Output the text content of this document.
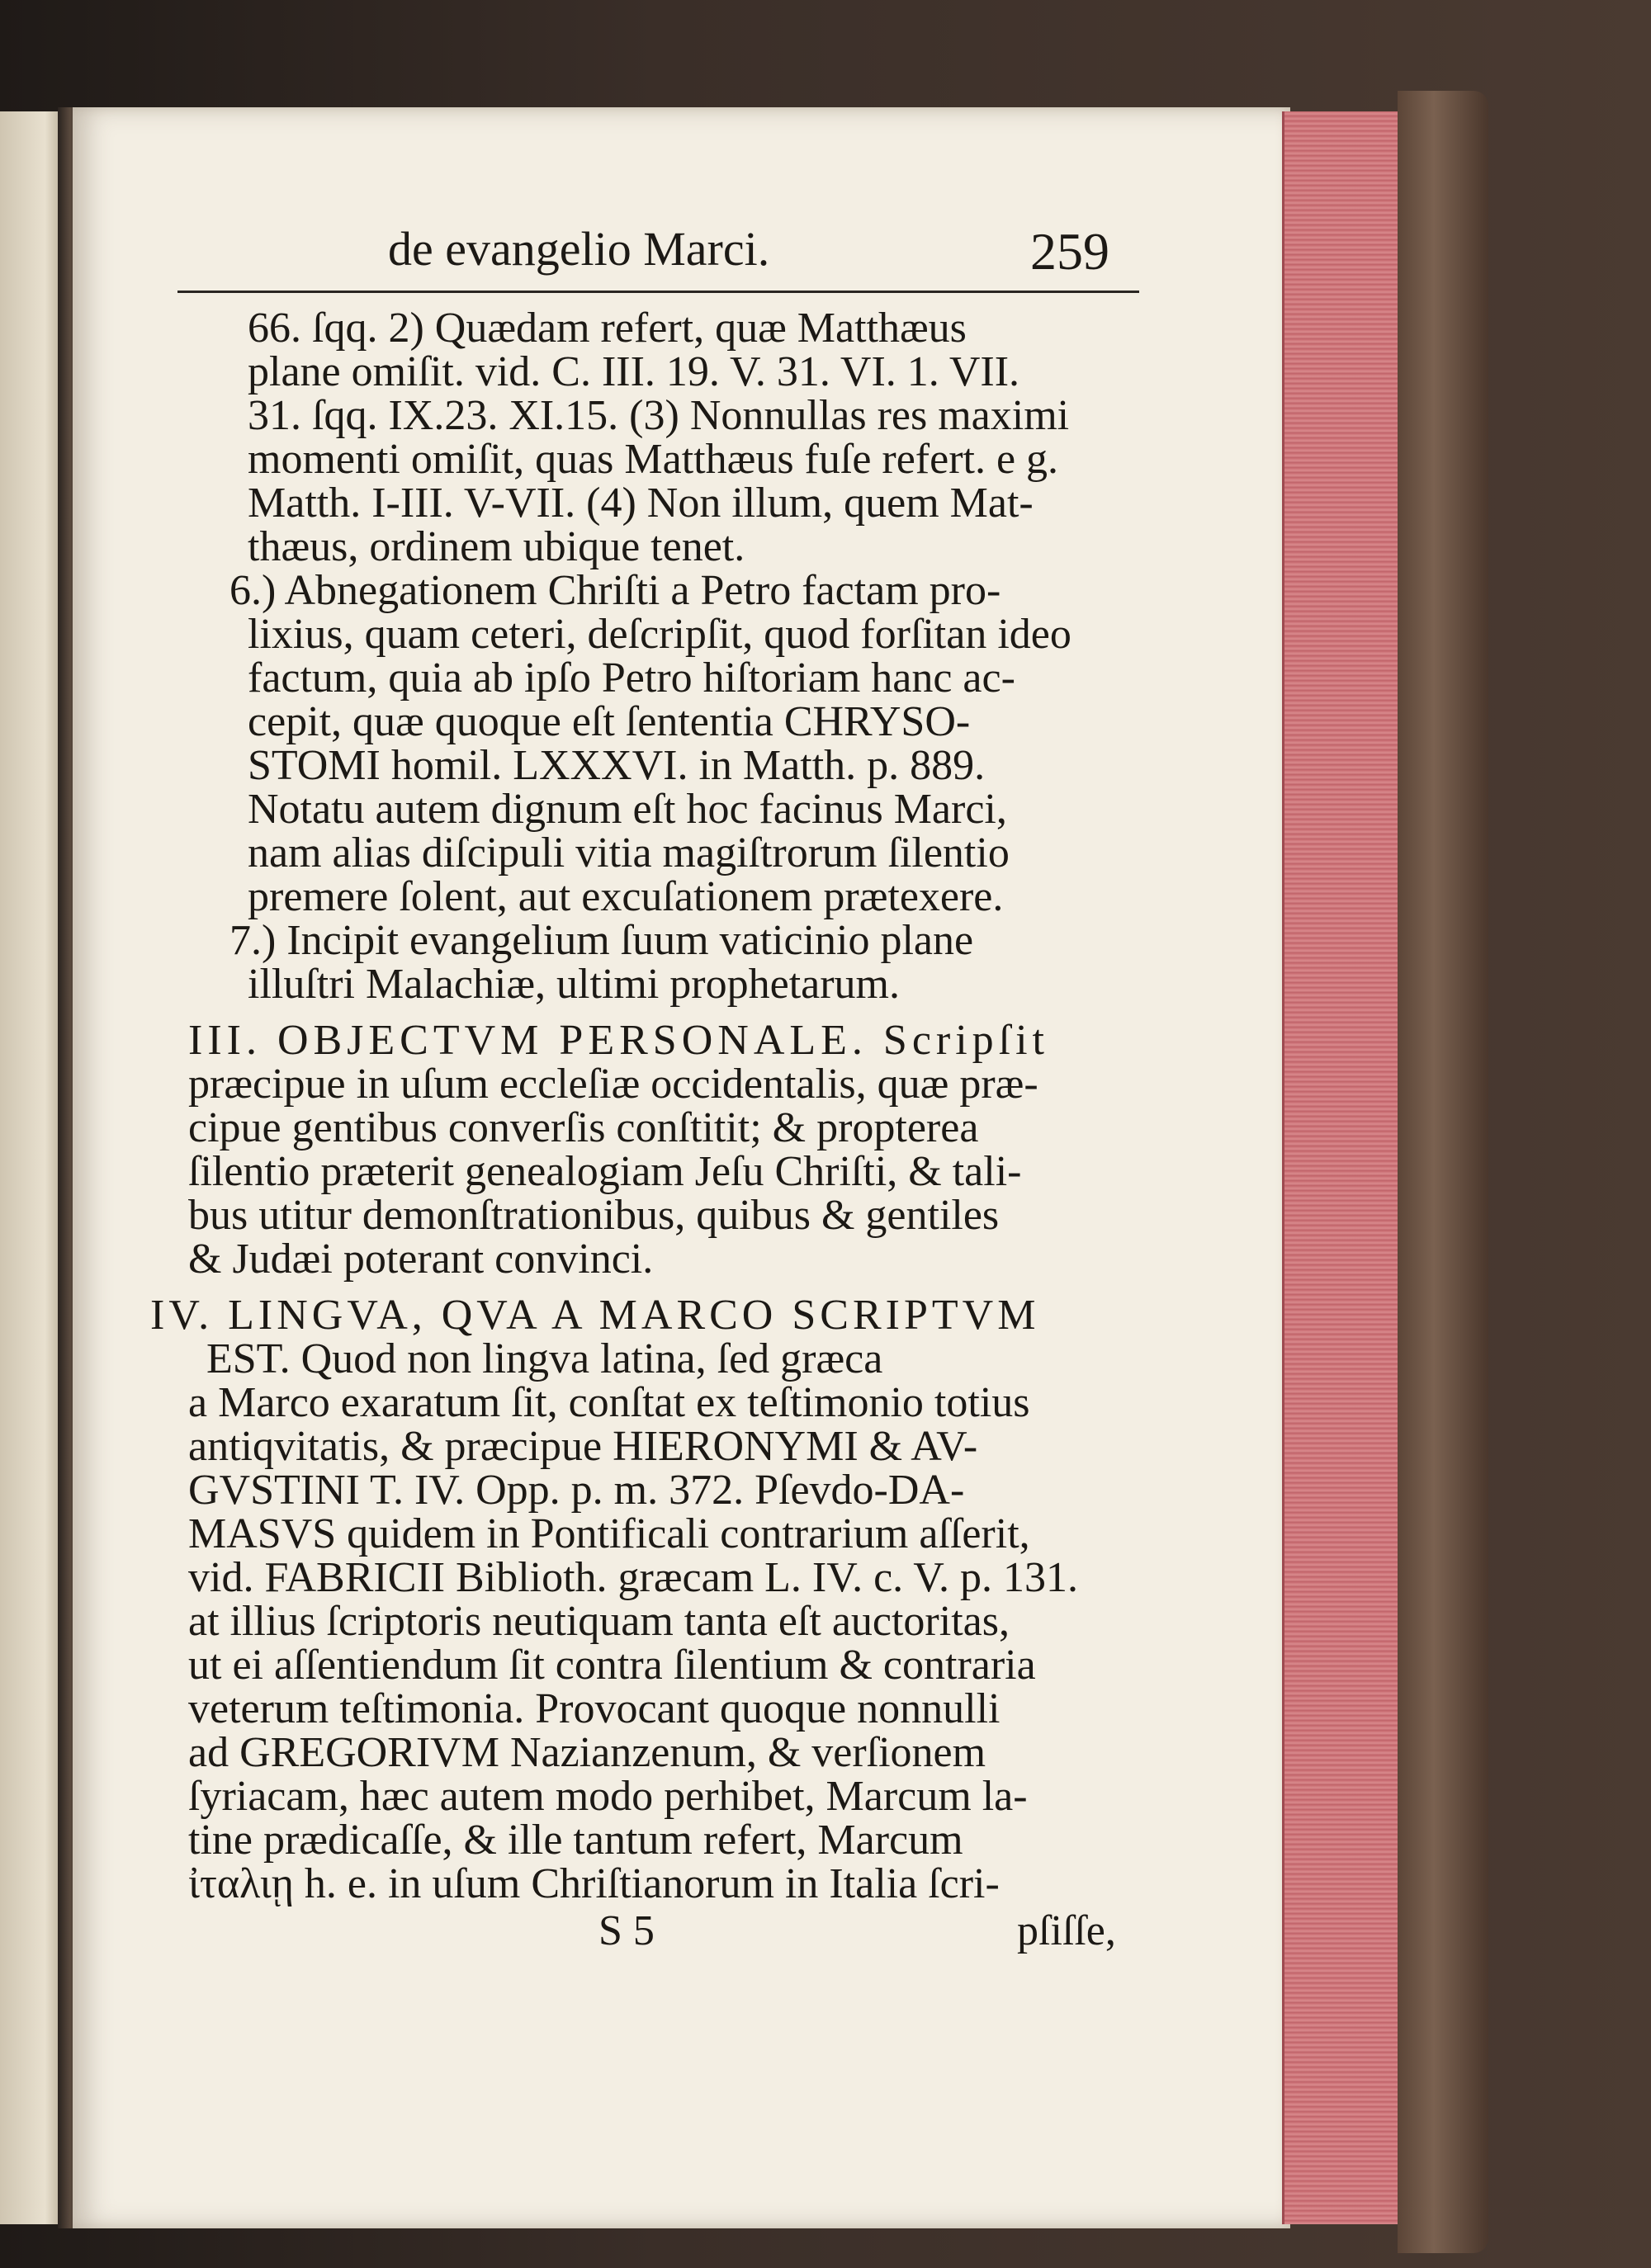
de evangelio Marci.	259
66. ſqq. 2) Quædam refert, quæ Matthæus
plane omiſit. vid. C. III. 19. V. 31. VI. 1. VII.
31. ſqq. IX.23. XI.15. (3) Nonnullas res maximi
momenti omiſit, quas Matthæus fuſe refert. e g.
Matth. I-III. V-VII. (4) Non illum, quem Mat-
thæus, ordinem ubique tenet.
6.) Abnegationem Chriſti a Petro factam pro-
lixius, quam ceteri, deſcripſit, quod forſitan ideo
factum, quia ab ipſo Petro hiſtoriam hanc ac-
cepit, quæ quoque eſt ſententia CHRYSO-
STOMI homil. LXXXVI. in Matth. p. 889.
Notatu autem dignum eſt hoc facinus Marci,
nam alias diſcipuli vitia magiſtrorum ſilentio
premere ſolent, aut excuſationem prætexere.
7.) Incipit evangelium ſuum vaticinio plane
illuſtri Malachiæ, ultimi prophetarum.
III. OBJECTVM PERSONALE. Scripſit
præcipue in uſum eccleſiæ occidentalis, quæ præ-
cipue gentibus converſis conſtitit; & propterea
ſilentio præterit genealogiam Jeſu Chriſti, & tali-
bus utitur demonſtrationibus, quibus & gentiles
& Judæi poterant convinci.
IV. LINGVA, QVA A MARCO SCRIPTVM
EST. Quod non lingva latina, ſed græca
a Marco exaratum ſit, conſtat ex teſtimonio totius
antiqvitatis, & præcipue HIERONYMI & AV-
GVSTINI T. IV. Opp. p. m. 372. Pſevdo-DA-
MASVS quidem in Pontificali contrarium aſſerit,
vid. FABRICII Biblioth. græcam L. IV. c. V. p. 131.
at illius ſcriptoris neutiquam tanta eſt auctoritas,
ut ei aſſentiendum ſit contra ſilentium & contraria
veterum teſtimonia. Provocant quoque nonnulli
ad GREGORIVM Nazianzenum, & verſionem
ſyriacam, hæc autem modo perhibet, Marcum la-
tine prædicaſſe, & ille tantum refert, Marcum
ἰταλιῃ h. e. in uſum Chriſtianorum in Italia ſcri-
S 5	pſiſſe,
